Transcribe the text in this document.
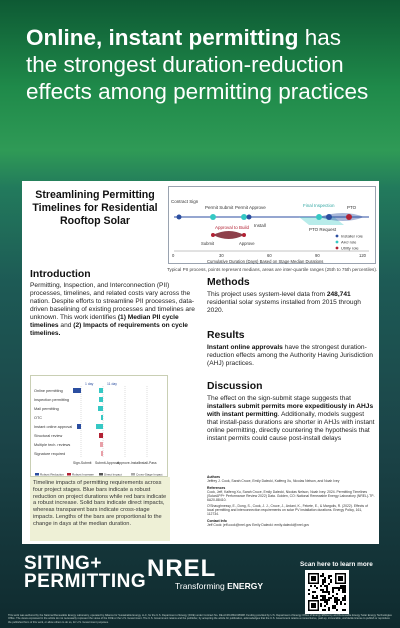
Online, instant permitting has the strongest duration-reduction effects among permitting practices
Streamlining Permitting Timelines for Residential Rooftop Solar
Contract Sign
Permit Submit Permit Approve
Install
Final Inspection
PTO Request
PTO
Approval to Build
Submit	Approve
Installer role
AHJ role
Utility role
0	30	60	90	120
Cumulative Duration (Days) Based on Stage Median Durations
Typical PII process, points represent medians, areas are inter-quartile ranges (25th to 75th percentiles).
Introduction
Permitting, Inspection, and Interconnection (PII) processes, timelines, and related costs vary across the nation. Despite efforts to streamline PII processes, data-driven baselining of existing processes and timelines are unknown. This work identifies (1) Median PII cycle timelines and (2) Impacts of requirements on cycle timelines.
Methods
This project uses system-level data from 248,741 residential solar systems installed from 2015 through 2020.
Results
Instant online approvals have the strongest duration-reduction effects among the Authority Having Jurisdiction (AHJ) practices.
Discussion
The effect on the sign-submit stage suggests that installers submit permits more expeditiously in AHJs with instant permitting. Additionally, models suggest that install-pass durations are shorter in AHJs with instant online permitting, directly countering the hypothesis that instant permits could cause post-install delays
Online permitting
Inspection permitting
Mail permitting
OTC
Instant online approval
Structural review
Multiple tech. reviews
Signature required
1 day	11 day
Sign-Submit Submit-Approve
Approve-Install Install-Pass
Robust Reduction	Robust Increase	Direct Impact	Cross-Stage Impact
Timeline impacts of permitting requirements across four project stages. Blue bars indicate a robust reduction on project durations while red bars indicate a robust increase. Solid bars indicate direct impacts, whereas transparent bars indicate cross-stage impacts. Lengths of the bars are proportional to the change in days at the median duration.
Authors
Jeffrey J. Cook, Sarah Cruce, Emily Dalecki, Kaifeng Xu, Nicolas Nelson, and Noah Ivey
References
Cook, Jeff, Kaifeng Xu, Sarah Cruce, Emily Dalecki, Nicolas Nelson, Noah Ivey. 2024. Permitting Timelines (SolarAPP+ Performance Review 2022) Data. Golden, CO: National Renewable Energy Laboratory (NREL)-TP-6A20-88410.
O'Shaughnessy, E., Dong, S., Cook, J. J., Cruce, J., Ardani, K., Fekete, E., & Margolis, R. (2022). Effects of local permitting and interconnection requirements on solar PV installation durations. Energy Policy, 161, 112734.
Contact Info
Jeff Cook: jeff.cook@nrel.gov Emily Dalecki: emily.dalecki@nrel.gov
SITING+
PERMITTING NREL
Transforming ENERGY
Scan here to learn more
This work was authored by the National Renewable Energy Laboratory, operated by Alliance for Sustainable Energy, LLC, for the U.S. Department of Energy (DOE) under Contract No. DE-AC36-08GO28308. Funding provided by U.S. Department of Energy Office of Energy Efficiency and Renewable Energy Solar Energy Technologies Office. The views expressed in the article do not necessarily represent the views of the DOE or the U.S. Government. The U.S. Government retains and the publisher, by accepting the article for publication, acknowledges that the U.S. Government retains a nonexclusive, paid-up, irrevocable, worldwide license to publish or reproduce the published form of this work, or allow others to do so, for U.S. Government purposes.
